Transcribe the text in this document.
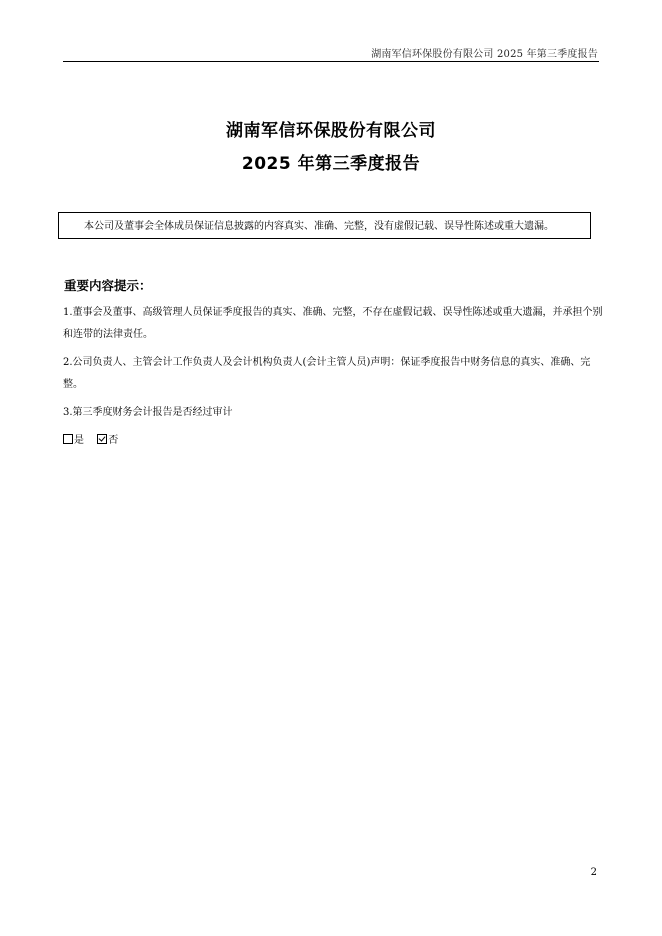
湖南军信环保股份有限公司 2025 年第三季度报告
湖南军信环保股份有限公司
2025 年第三季度报告
本公司及董事会全体成员保证信息披露的内容真实、准确、完整，没有虚假记载、误导性陈述或重大遗漏。
重要内容提示：
1.董事会及董事、高级管理人员保证季度报告的真实、准确、完整，不存在虚假记载、误导性陈述或重大遗漏，并承担个别和连带的法律责任。
2.公司负责人、主管会计工作负责人及会计机构负责人(会计主管人员)声明：保证季度报告中财务信息的真实、准确、完整。
3.第三季度财务会计报告是否经过审计
是 否
2
